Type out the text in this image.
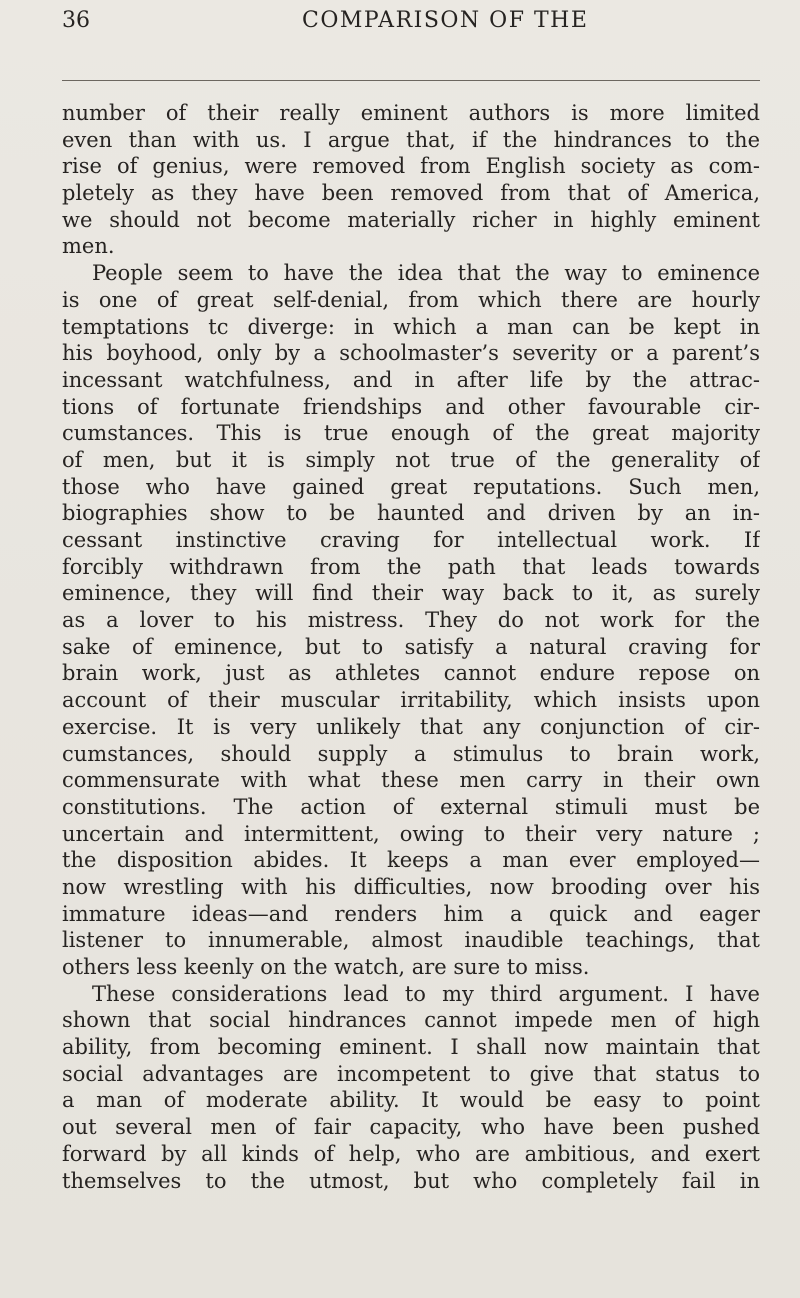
36	COMPARISON OF THE
number of their really eminent authors is more limited
even than with us. I argue that, if the hindrances to the
rise of genius, were removed from English society as com-
pletely as they have been removed from that of America,
we should not become materially richer in highly eminent
men.
People seem to have the idea that the way to eminence
is one of great self-denial, from which there are hourly
temptations tc diverge: in which a man can be kept in
his boyhood, only by a schoolmaster’s severity or a parent’s
incessant watchfulness, and in after life by the attrac-
tions of fortunate friendships and other favourable cir-
cumstances. This is true enough of the great majority
of men, but it is simply not true of the generality of
those who have gained great reputations. Such men,
biographies show to be haunted and driven by an in-
cessant instinctive craving for intellectual work. If
forcibly withdrawn from the path that leads towards
eminence, they will find their way back to it, as surely
as a lover to his mistress. They do not work for the
sake of eminence, but to satisfy a natural craving for
brain work, just as athletes cannot endure repose on
account of their muscular irritability, which insists upon
exercise. It is very unlikely that any conjunction of cir-
cumstances, should supply a stimulus to brain work,
commensurate with what these men carry in their own
constitutions. The action of external stimuli must be
uncertain and intermittent, owing to their very nature ;
the disposition abides. It keeps a man ever employed—
now wrestling with his difficulties, now brooding over his
immature ideas—and renders him a quick and eager
listener to innumerable, almost inaudible teachings, that
others less keenly on the watch, are sure to miss.
These considerations lead to my third argument. I have
shown that social hindrances cannot impede men of high
ability, from becoming eminent. I shall now maintain that
social advantages are incompetent to give that status to
a man of moderate ability. It would be easy to point
out several men of fair capacity, who have been pushed
forward by all kinds of help, who are ambitious, and exert
themselves to the utmost, but who completely fail in
